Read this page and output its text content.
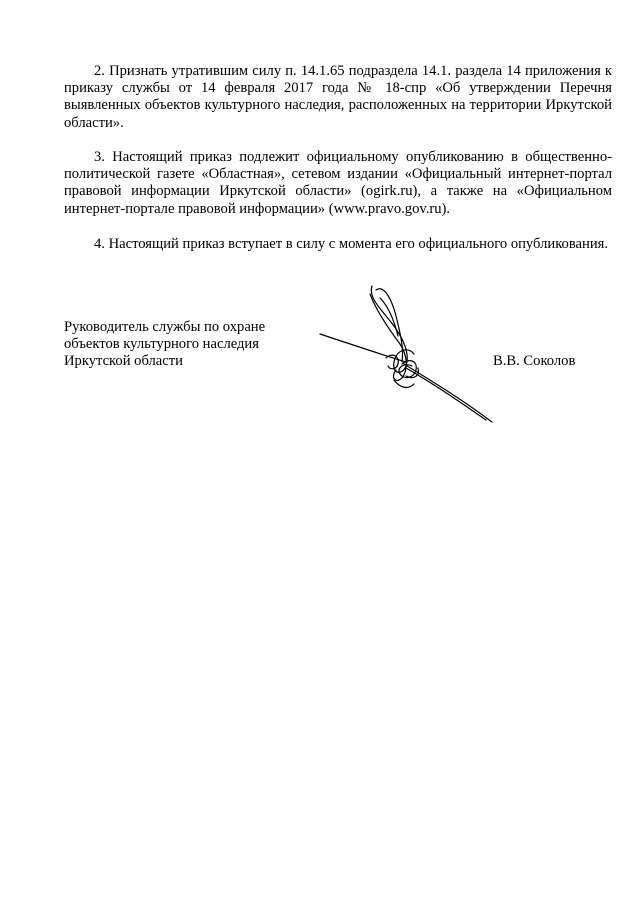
2. Признать утратившим силу п. 14.1.65 подраздела 14.1. раздела 14 приложения к приказу службы от 14 февраля 2017 года № 18-спр «Об утверждении Перечня выявленных объектов культурного наследия, расположенных на территории Иркутской области».

3. Настоящий приказ подлежит официальному опубликованию в общественно-политической газете «Областная», сетевом издании «Официальный интернет-портал правовой информации Иркутской области» (ogirk.ru), а также на «Официальном интернет-портале правовой информации» (www.pravo.gov.ru).

4. Настоящий приказ вступает в силу с момента его официального опубликования.

Руководитель службы по охране
объектов культурного наследия
Иркутской области	В.В. Соколов
